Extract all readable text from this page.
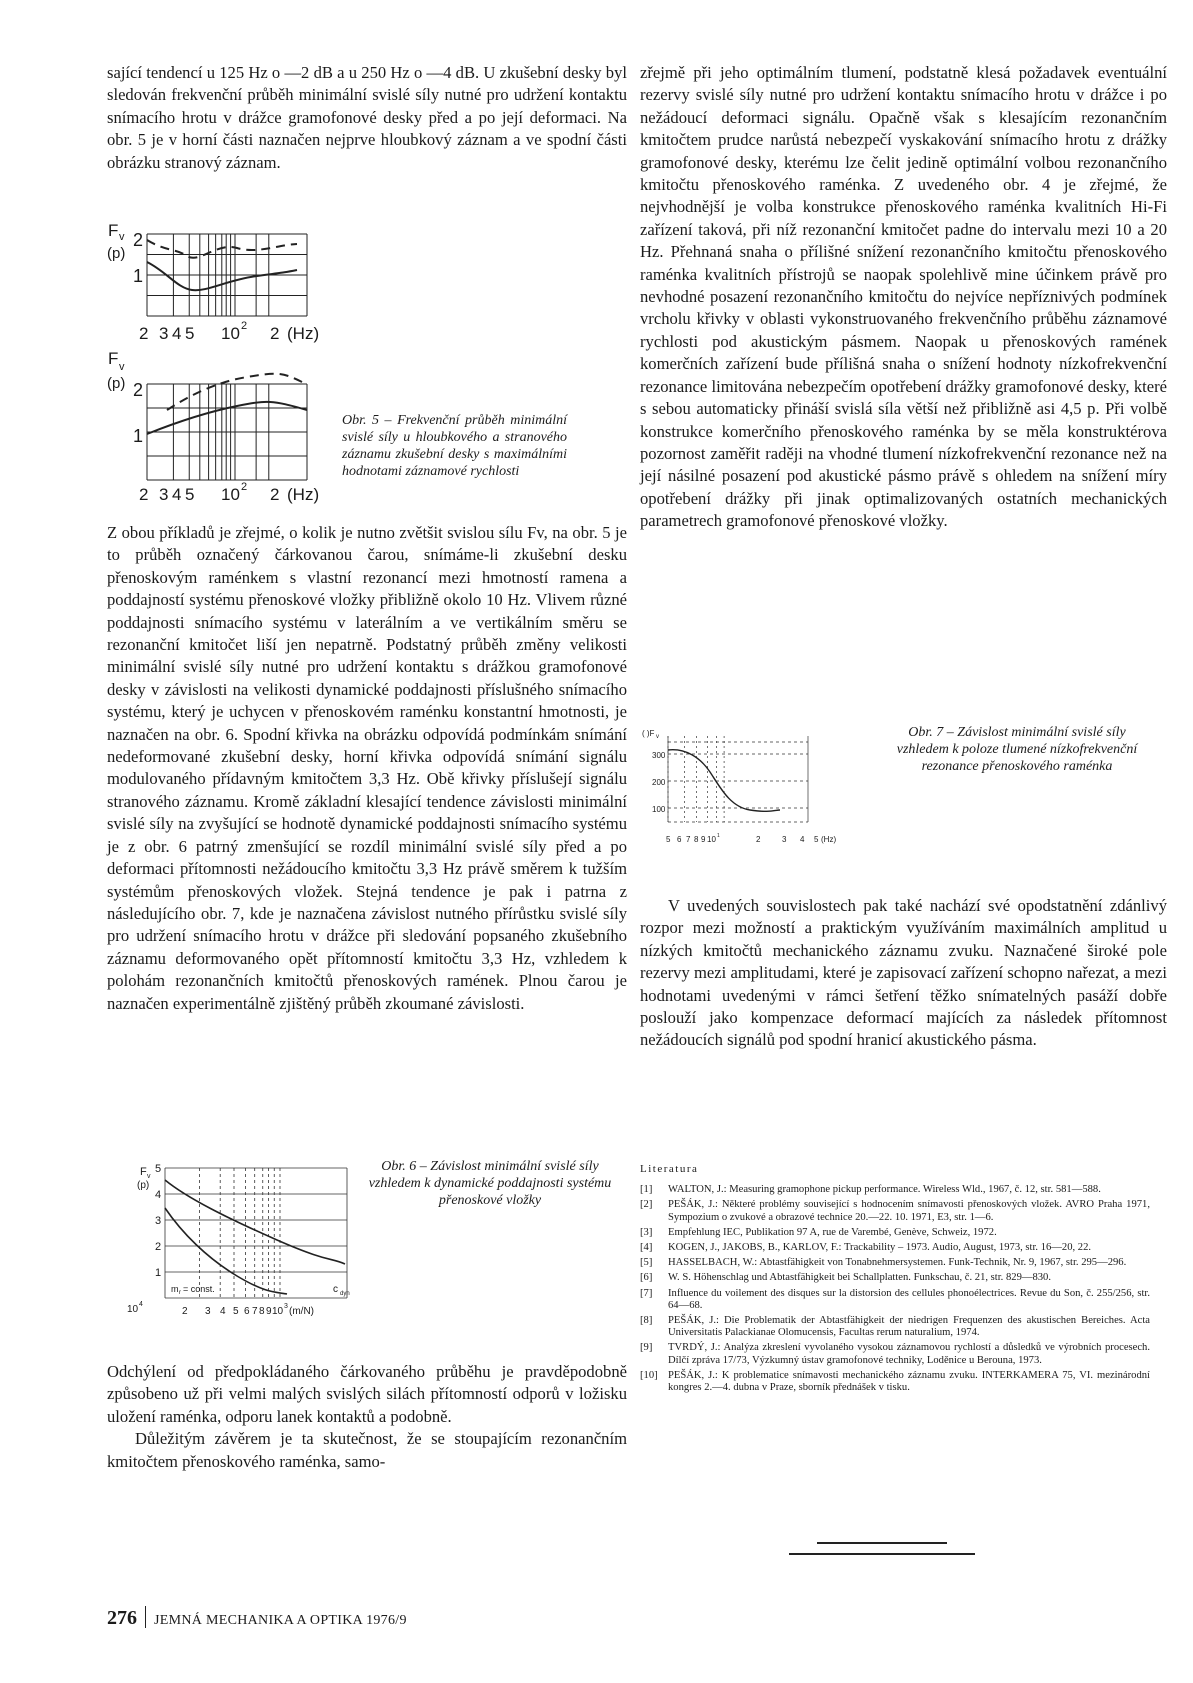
sající tendencí u 125 Hz o —2 dB a u 250 Hz o —4 dB. U zkušební desky byl sledován frekvenční průběh minimální svislé síly nutné pro udržení kontaktu snímacího hrotu v drážce gramofonové desky před a po její deformaci. Na obr. 5 je v horní části naznačen nejprve hloubkový záznam a ve spodní části obrázku stranový záznam.

F v
(p)
2
1
2 3 4 5 10 2 2 (Hz)
F v
(p) 2
1
2 3 4 5 10 2 2 (Hz)
Obr. 5 – Frekvenční průběh minimální svislé síly u hloubkového a stranového záznamu zkušební desky s maximálními hodnotami záznamové rychlosti

Z obou příkladů je zřejmé, o kolik je nutno zvětšit svislou sílu Fv, na obr. 5 je to průběh označený čárkovanou čarou, snímáme-li zkušební desku přenoskovým raménkem s vlastní rezonancí mezi hmotností ramena a poddajností systému přenoskové vložky přibližně okolo 10 Hz. Vlivem různé poddajnosti snímacího systému v laterálním a ve vertikálním směru se rezonanční kmitočet liší jen nepatrně. Podstatný průběh změny velikosti minimální svislé síly nutné pro udržení kontaktu s drážkou gramofonové desky v závislosti na velikosti dynamické poddajnosti příslušného snímacího systému, který je uchycen v přenoskovém raménku konstantní hmotnosti, je naznačen na obr. 6. Spodní křivka na obrázku odpovídá podmínkám snímání nedeformované zkušební desky, horní křivka odpovídá snímání signálu modulovaného přídavným kmitočtem 3,3 Hz. Obě křivky příslušejí signálu stranového záznamu. Kromě základní klesající tendence závislosti minimální svislé síly na zvyšující se hodnotě dynamické poddajnosti snímacího systému je z obr. 6 patrný zmenšující se rozdíl minimální svislé síly před a po deformaci přítomnosti nežádoucího kmitočtu 3,3 Hz právě směrem k tužším systémům přenoskových vložek. Stejná tendence je pak i patrna z následujícího obr. 7, kde je naznačena závislost nutného přírůstku svislé síly pro udržení snímacího hrotu v drážce při sledování popsaného zkušebního záznamu deformovaného opět přítomností kmitočtu 3,3 Hz, vzhledem k polohám rezonančních kmitočtů přenoskových ramének. Plnou čarou je naznačen experimentálně zjištěný průběh zkoumané závislosti.

F v
(p)
5
4
3
2
1
m r = const.	c dyn
10 4
2 3 4 5 6 7 8 9 10 3 (m/N)
Obr. 6 – Závislost minimální svislé síly vzhledem k dynamické poddajnosti systému přenoskové vložky

Odchýlení od předpokládaného čárkovaného průběhu je pravděpodobně způsobeno už při velmi malých svislých silách přítomností odporů v ložisku uložení raménka, odporu lanek kontaktů a podobně.

Důležitým závěrem je ta skutečnost, že se stoupajícím rezonančním kmitočtem přenoskového raménka, samo-

zřejmě při jeho optimálním tlumení, podstatně klesá požadavek eventuální rezervy svislé síly nutné pro udržení kontaktu snímacího hrotu v drážce i po nežádoucí deformaci signálu. Opačně však s klesajícím rezonančním kmitočtem prudce narůstá nebezpečí vyskakování snímacího hrotu z drážky gramofonové desky, kterému lze čelit jedině optimální volbou rezonančního kmitočtu přenoskového raménka. Z uvedeného obr. 4 je zřejmé, že nejvhodnější je volba konstrukce přenoskového raménka kvalitních Hi-Fi zařízení taková, při níž rezonanční kmitočet padne do intervalu mezi 10 a 20 Hz. Přehnaná snaha o přílišné snížení rezonančního kmitočtu přenoskového raménka kvalitních přístrojů se naopak spolehlivě mine účinkem právě pro nevhodné posazení rezonančního kmitočtu do nejvíce nepříznivých podmínek vrcholu křivky v oblasti vykonstruovaného frekvenčního průběhu záznamové rychlosti pod akustickým pásmem. Naopak u přenoskových ramének komerčních zařízení bude přílišná snaha o snížení hodnoty nízkofrekvenční rezonance limitována nebezpečím opotřebení drážky gramofonové desky, které s sebou automaticky přináší svislá síla větší než přibližně asi 4,5 p. Při volbě konstrukce komerčního přenoskového raménka by se měla konstruktérova pozornost zaměřit raději na vhodné tlumení nízkofrekvenční rezonance než na její násilné posazení pod akustické pásmo právě s ohledem na snížení míry opotřebení drážky při jinak optimalizovaných ostatních mechanických parametrech gramofonové přenoskové vložky.

( )F v
300
200
100
5 6 7 8 9 10 1	2	3 4 5 (Hz)
Obr. 7 – Závislost minimální svislé síly vzhledem k poloze tlumené nízkofrekvenční rezonance přenoskového raménka

V uvedených souvislostech pak také nachází své opodstatnění zdánlivý rozpor mezi možností a praktickým využíváním maximálních amplitud u nízkých kmitočtů mechanického záznamu zvuku. Naznačené široké pole rezervy mezi amplitudami, které je zapisovací zařízení schopno nařezat, a mezi hodnotami uvedenými v rámci šetření těžko snímatelných pasáží dobře poslouží jako kompenzace deformací majících za následek přítomnost nežádoucích signálů pod spodní hranicí akustického pásma.

Literatura
[1] WALTON, J.: Measuring gramophone pickup performance. Wireless Wld., 1967, č. 12, str. 581—588.
[2] PEŠÁK, J.: Některé problémy související s hodnocením snímavosti přenoskových vložek. AVRO Praha 1971, Sympozium o zvukové a obrazové technice 20.—22. 10. 1971, E3, str. 1—6.
[3] Empfehlung IEC, Publikation 97 A, rue de Varembé, Genève, Schweiz, 1972.
[4] KOGEN, J., JAKOBS, B., KARLOV, F.: Trackability – 1973. Audio, August, 1973, str. 16—20, 22.
[5] HASSELBACH, W.: Abtastfähigkeit von Tonabnehmersystemen. Funk-Technik, Nr. 9, 1967, str. 295—296.
[6] W. S. Höhenschlag und Abtastfähigkeit bei Schallplatten. Funkschau, č. 21, str. 829—830.
[7] Influence du voilement des disques sur la distorsion des cellules phonoélectrices. Revue du Son, č. 255/256, str. 64—68.
[8] PEŠÁK, J.: Die Problematik der Abtastfähigkeit der niedrigen Frequenzen des akustischen Bereiches. Acta Universitatis Palackianae Olomucensis, Facultas rerum naturalium, 1974.
[9] TVRDÝ, J.: Analýza zkreslení vyvolaného vysokou záznamovou rychlostí a důsledků ve výrobních procesech. Dílčí zpráva 17/73, Výzkumný ústav gramofonové techniky, Loděnice u Berouna, 1973.
[10] PEŠÁK, J.: K problematice snímavosti mechanického záznamu zvuku. INTERKAMERA 75, VI. mezinárodní kongres 2.—4. dubna v Praze, sborník přednášek v tisku.
276 JEMNÁ MECHANIKA A OPTIKA 1976/9
